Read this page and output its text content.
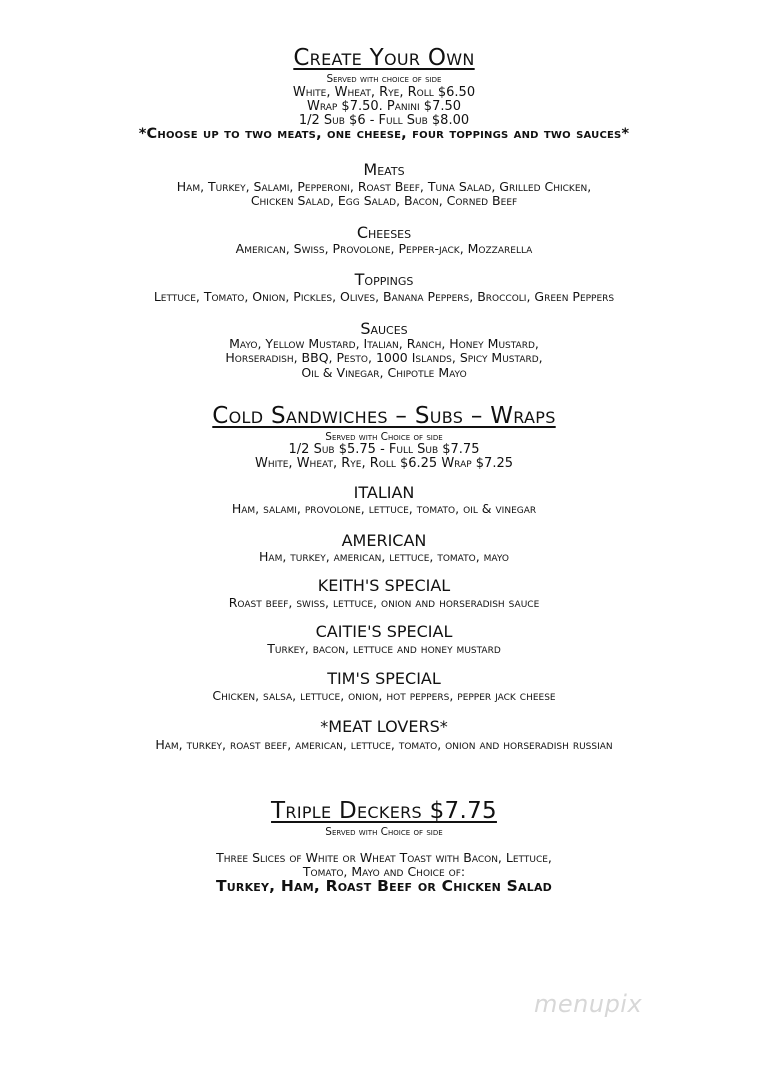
Create Your Own
Served with choice of side
White, Wheat, Rye, Roll $6.50
Wrap $7.50. Panini $7.50
1/2 Sub $6 - Full Sub $8.00
*Choose up to two meats, one cheese, four toppings and two sauces*
Meats
Ham, Turkey, Salami, Pepperoni, Roast Beef, Tuna Salad, Grilled Chicken,
Chicken Salad, Egg Salad, Bacon, Corned Beef
Cheeses
American, Swiss, Provolone, Pepper-jack, Mozzarella
Toppings
Lettuce, Tomato, Onion, Pickles, Olives, Banana Peppers, Broccoli, Green Peppers
Sauces
Mayo, Yellow Mustard, Italian, Ranch, Honey Mustard,
Horseradish, BBQ, Pesto, 1000 Islands, Spicy Mustard,
Oil & Vinegar, Chipotle Mayo
Cold Sandwiches – Subs – Wraps
Served with Choice of side
1/2 Sub $5.75 - Full Sub $7.75
White, Wheat, Rye, Roll $6.25 Wrap $7.25
ITALIAN
Ham, salami, provolone, lettuce, tomato, oil & vinegar
AMERICAN
Ham, turkey, american, lettuce, tomato, mayo
KEITH'S SPECIAL
Roast beef, swiss, lettuce, onion and horseradish sauce
CAITIE'S SPECIAL
Turkey, bacon, lettuce and honey mustard
TIM'S SPECIAL
Chicken, salsa, lettuce, onion, hot peppers, pepper jack cheese
*MEAT LOVERS*
Ham, turkey, roast beef, american, lettuce, tomato, onion and horseradish russian
Triple Deckers $7.75
Served with Choice of side
Three Slices of White or Wheat Toast with Bacon, Lettuce,
Tomato, Mayo and Choice of:
Turkey, Ham, Roast Beef or Chicken Salad
menupix
